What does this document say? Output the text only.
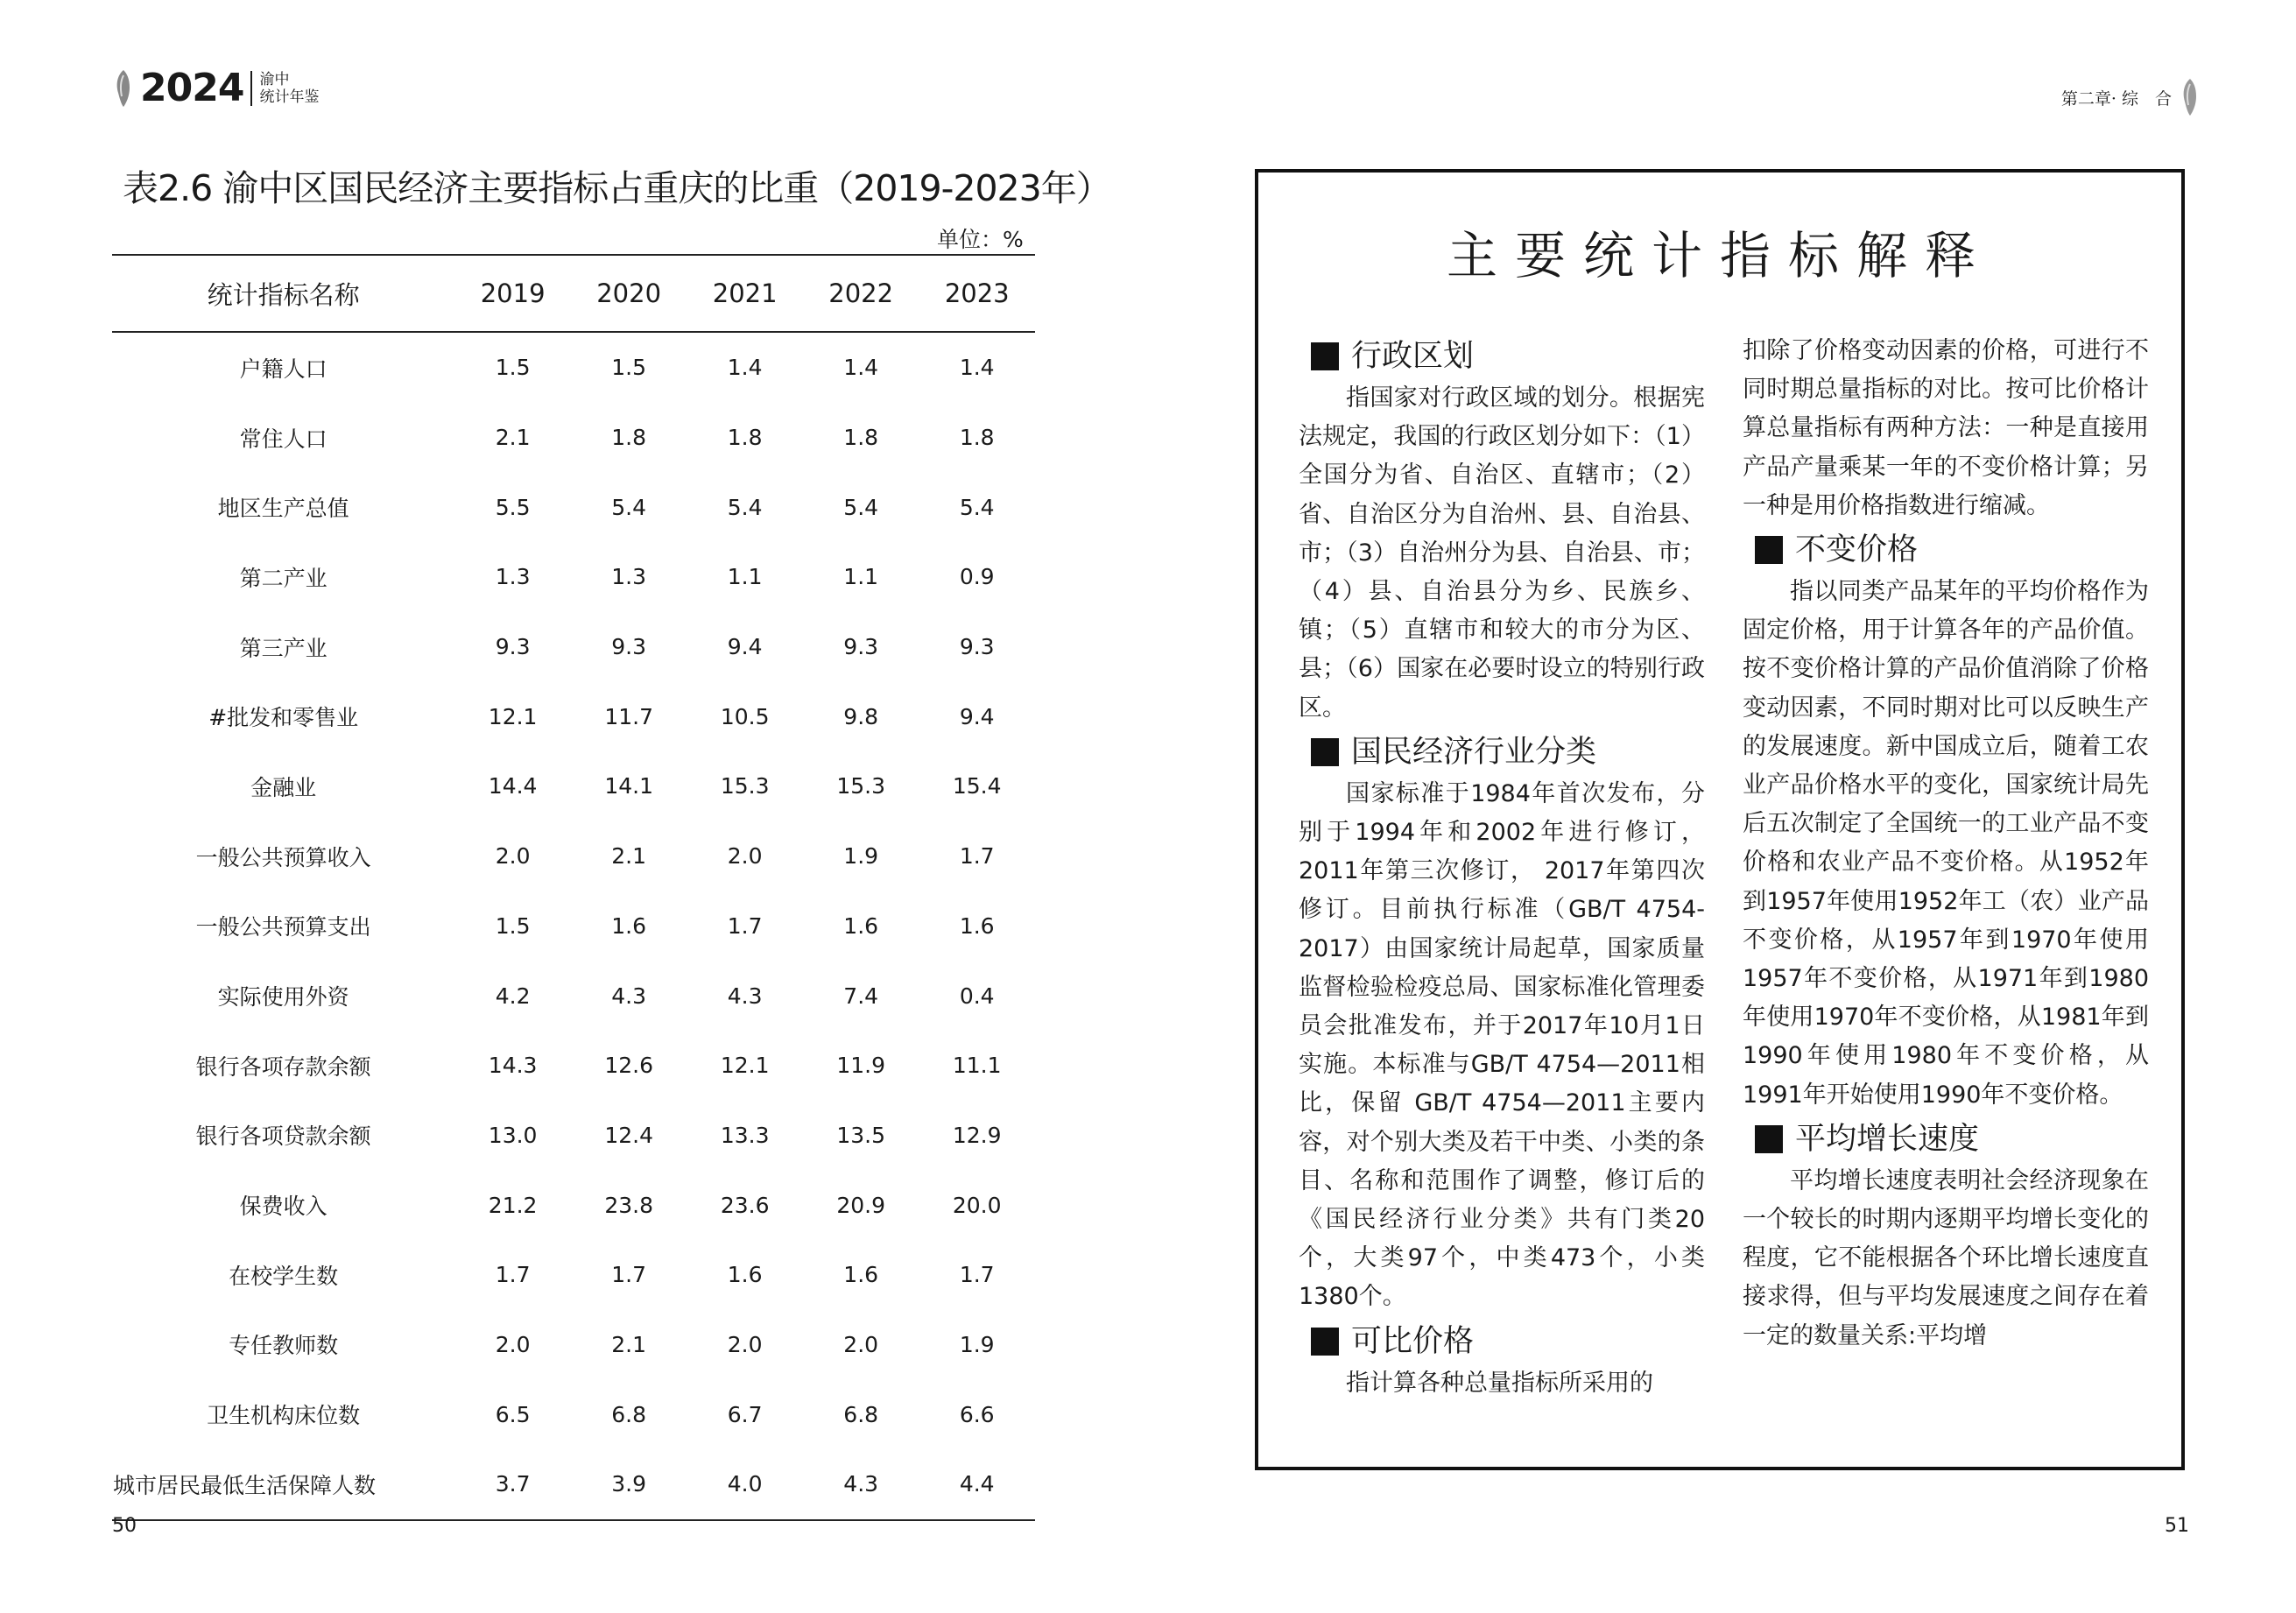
2024 渝中
统计年鉴	第二章· 综　合
表2.6 渝中区国民经济主要指标占重庆的比重（2019-2023年）
单位：%
统计指标名称	2019	2020	2021	2022	2023
户籍人口	1.5	1.5	1.4	1.4	1.4
常住人口	2.1	1.8	1.8	1.8	1.8
地区生产总值	5.5	5.4	5.4	5.4	5.4
第二产业	1.3	1.3	1.1	1.1	0.9
第三产业	9.3	9.3	9.4	9.3	9.3
#批发和零售业	12.1	11.7	10.5	9.8	9.4
金融业	14.4	14.1	15.3	15.3	15.4
一般公共预算收入	2.0	2.1	2.0	1.9	1.7
一般公共预算支出	1.5	1.6	1.7	1.6	1.6
实际使用外资	4.2	4.3	4.3	7.4	0.4
银行各项存款余额	14.3	12.6	12.1	11.9	11.1
银行各项贷款余额	13.0	12.4	13.3	13.5	12.9
保费收入	21.2	23.8	23.6	20.9	20.0
在校学生数	1.7	1.7	1.6	1.6	1.7
专任教师数	2.0	2.1	2.0	2.0	1.9
卫生机构床位数	6.5	6.8	6.7	6.8	6.6
城市居民最低生活保障人数	3.7	3.9	4.0	4.3	4.4
50	51
主要统计指标解释
行政区划

指国家对行政区域的划分。根据宪法规定，我国的行政区划分如下：（1）全国分为省、自治区、直辖市；（2）省、自治区分为自治州、县、自治县、市；（3）自治州分为县、自治县、市；（4）县、自治县分为乡、民族乡、镇；（5）直辖市和较大的市分为区、县；（6）国家在必要时设立的特别行政区。

国民经济行业分类

国家标准于1984年首次发布，分别于1994年和2002年进行修订，2011年第三次修订， 2017年第四次修订。目前执行标准（GB/T 4754-2017）由国家统计局起草，国家质量监督检验检疫总局、国家标准化管理委员会批准发布，并于2017年10月1日实施。本标准与GB/T 4754—2011相比，保留 GB/T 4754—2011主要内容，对个别大类及若干中类、小类的条目、名称和范围作了调整，修订后的《国民经济行业分类》共有门类20个，大类97个，中类473个，小类1380个。

可比价格

指计算各种总量指标所采用的

扣除了价格变动因素的价格，可进行不同时期总量指标的对比。按可比价格计算总量指标有两种方法：一种是直接用产品产量乘某一年的不变价格计算；另一种是用价格指数进行缩减。

不变价格

指以同类产品某年的平均价格作为固定价格，用于计算各年的产品价值。按不变价格计算的产品价值消除了价格变动因素，不同时期对比可以反映生产的发展速度。新中国成立后，随着工农业产品价格水平的变化，国家统计局先后五次制定了全国统一的工业产品不变价格和农业产品不变价格。从1952年到1957年使用1952年工（农）业产品不变价格，从1957年到1970年使用1957年不变价格，从1971年到1980年使用1970年不变价格，从1981年到1990年使用1980年不变价格，从1991年开始使用1990年不变价格。

平均增长速度

平均增长速度表明社会经济现象在一个较长的时期内逐期平均增长变化的程度，它不能根据各个环比增长速度直接求得，但与平均发展速度之间存在着一定的数量关系:平均增
